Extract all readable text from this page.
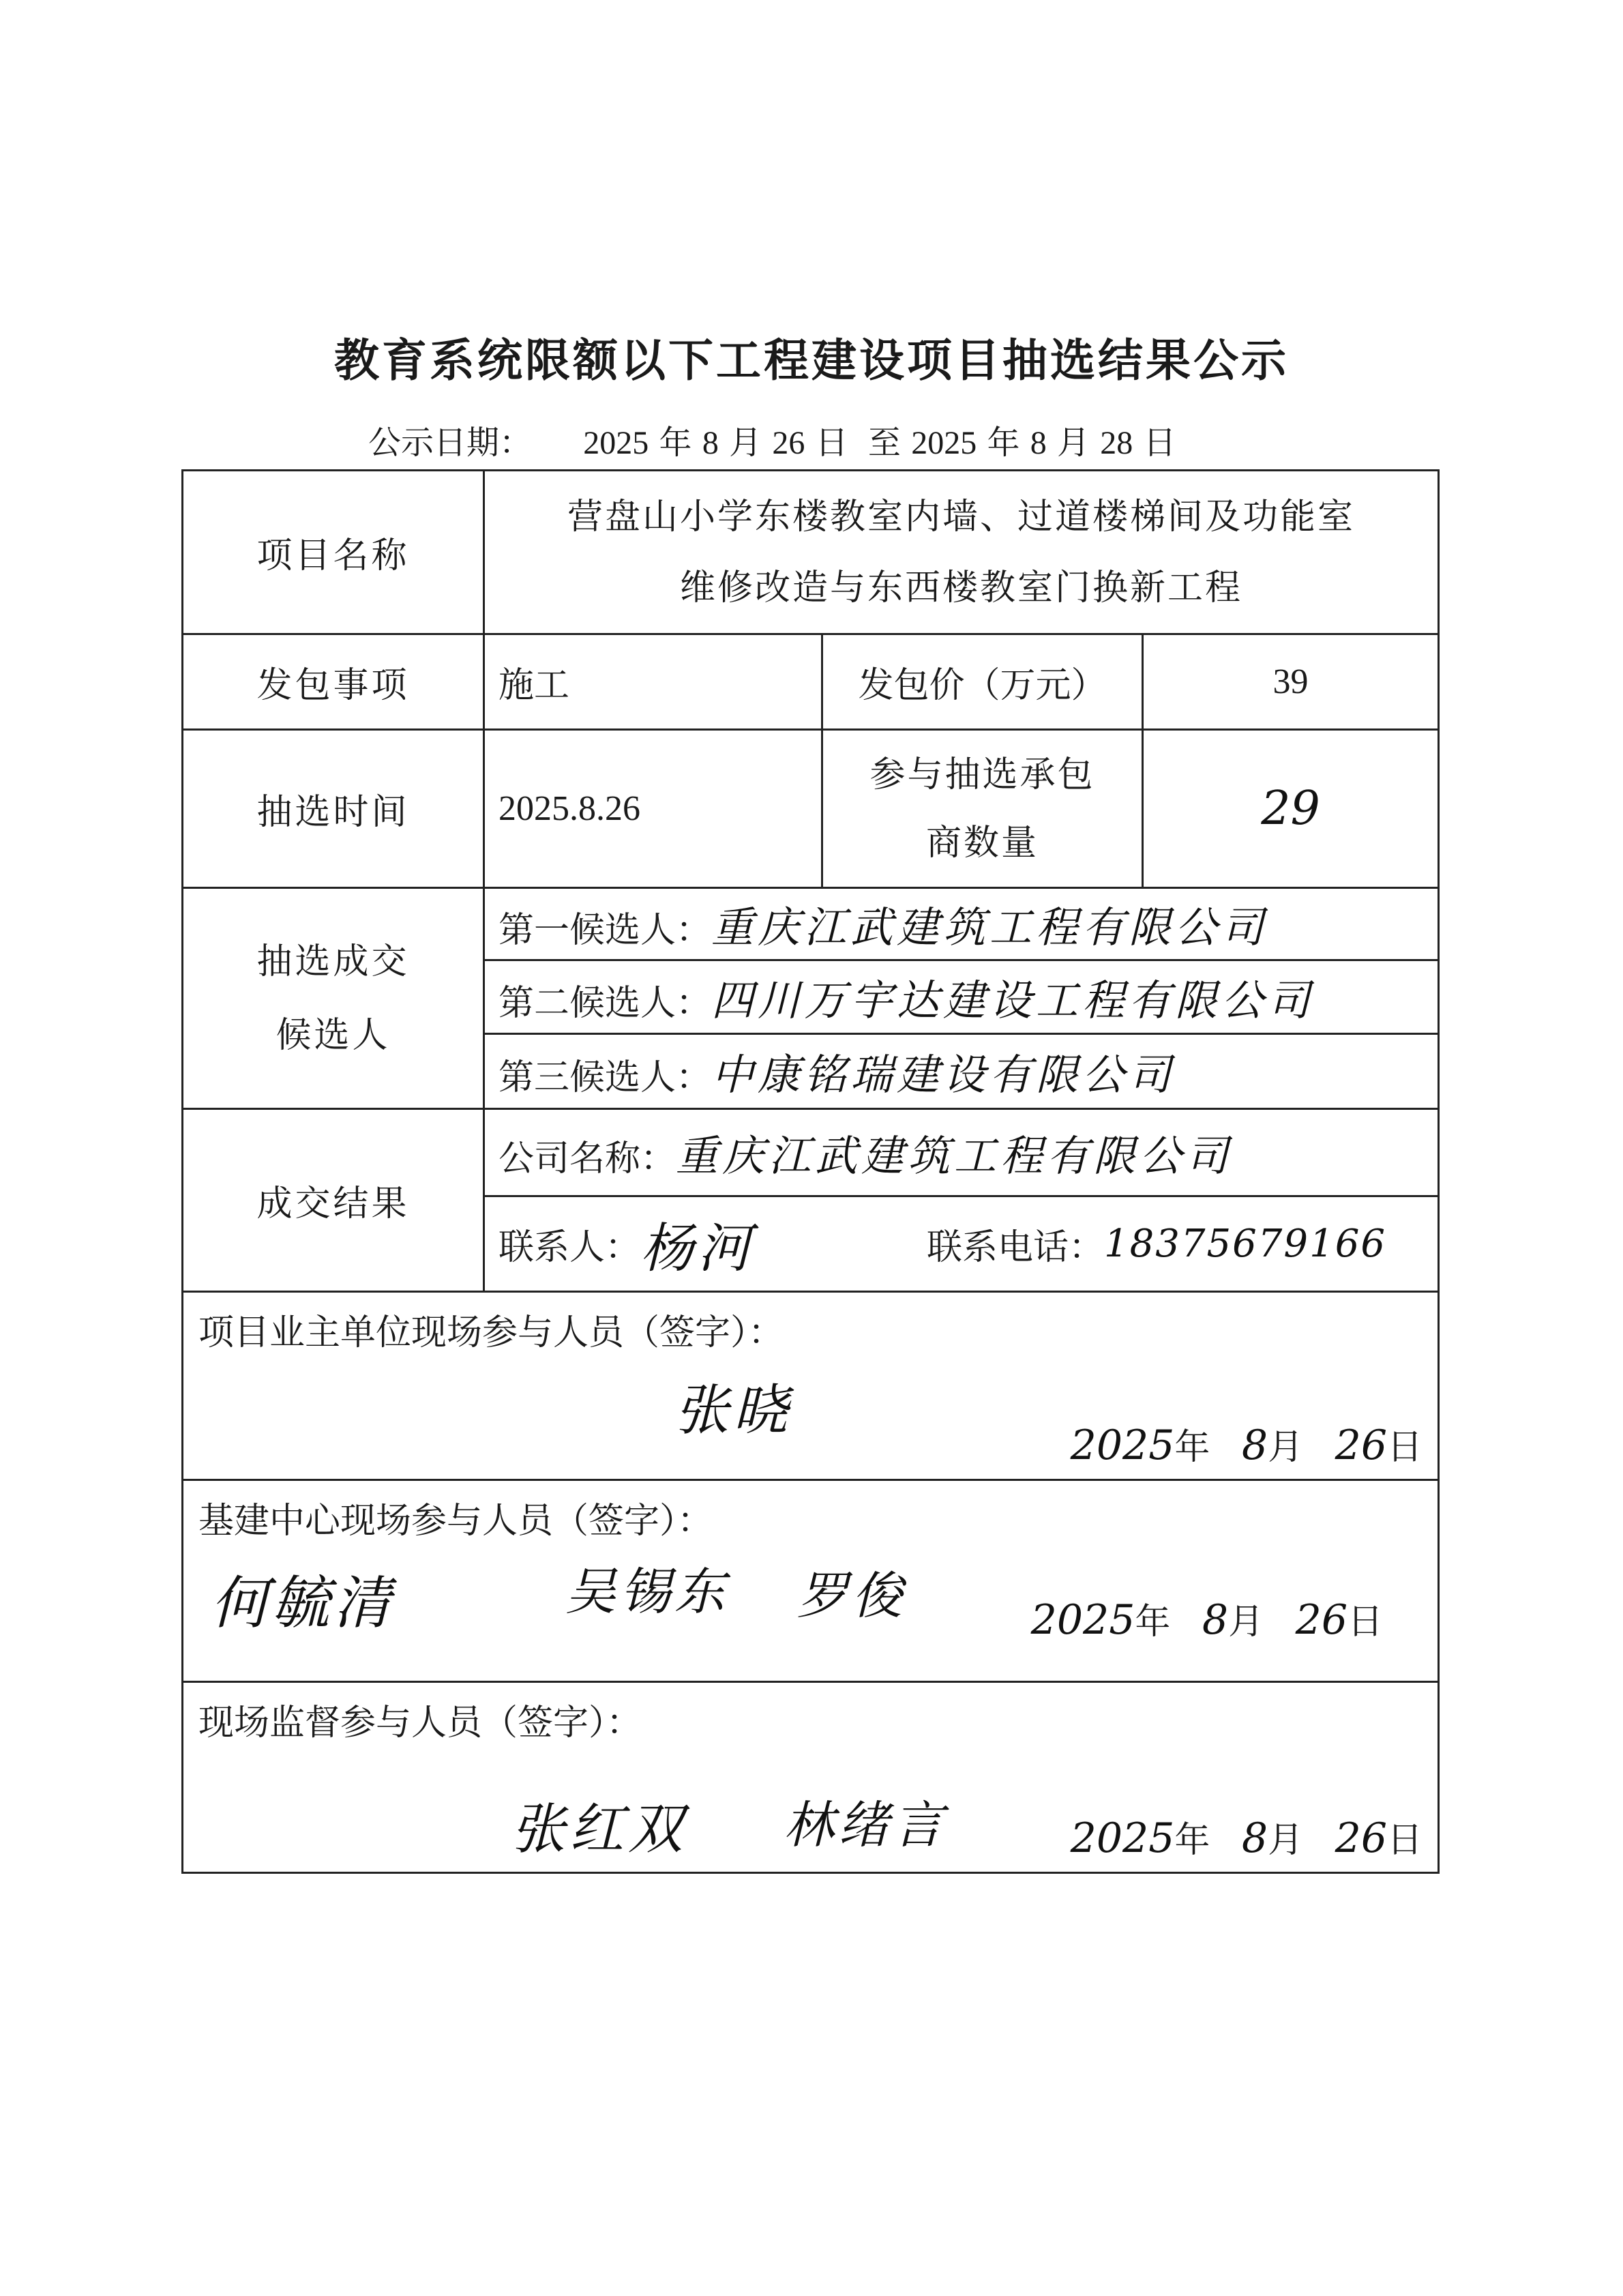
教育系统限额以下工程建设项目抽选结果公示
公示日期： 2025 年 8 月 26 日 至 2025 年 8 月 28 日
项目名称	营盘山小学东楼教室内墙、过道楼梯间及功能室
维修改造与东西楼教室门换新工程		

发包事项	施工	发包价（万元）	39
抽选时间	2025.8.26	参与抽选承包
商数量	29

抽选成交
候选人	第一候选人：重庆江武建筑工程有限公司		
	第二候选人：四川万宇达建设工程有限公司		
	第三候选人：中康铭瑞建设有限公司		
成交结果	公司名称：重庆江武建筑工程有限公司		

	联系人： 杨河 联系电话： 18375679166		

项目业主单位现场参与人员（签字）：
张晓
2025年 8月 26日			

基建中心现场参与人员（签字）：
何毓清 吴锡东 罗俊 2025年 8月 26日			

现场监督参与人员（签字）：
张红双 林绪言 2025年 8月 26日			
